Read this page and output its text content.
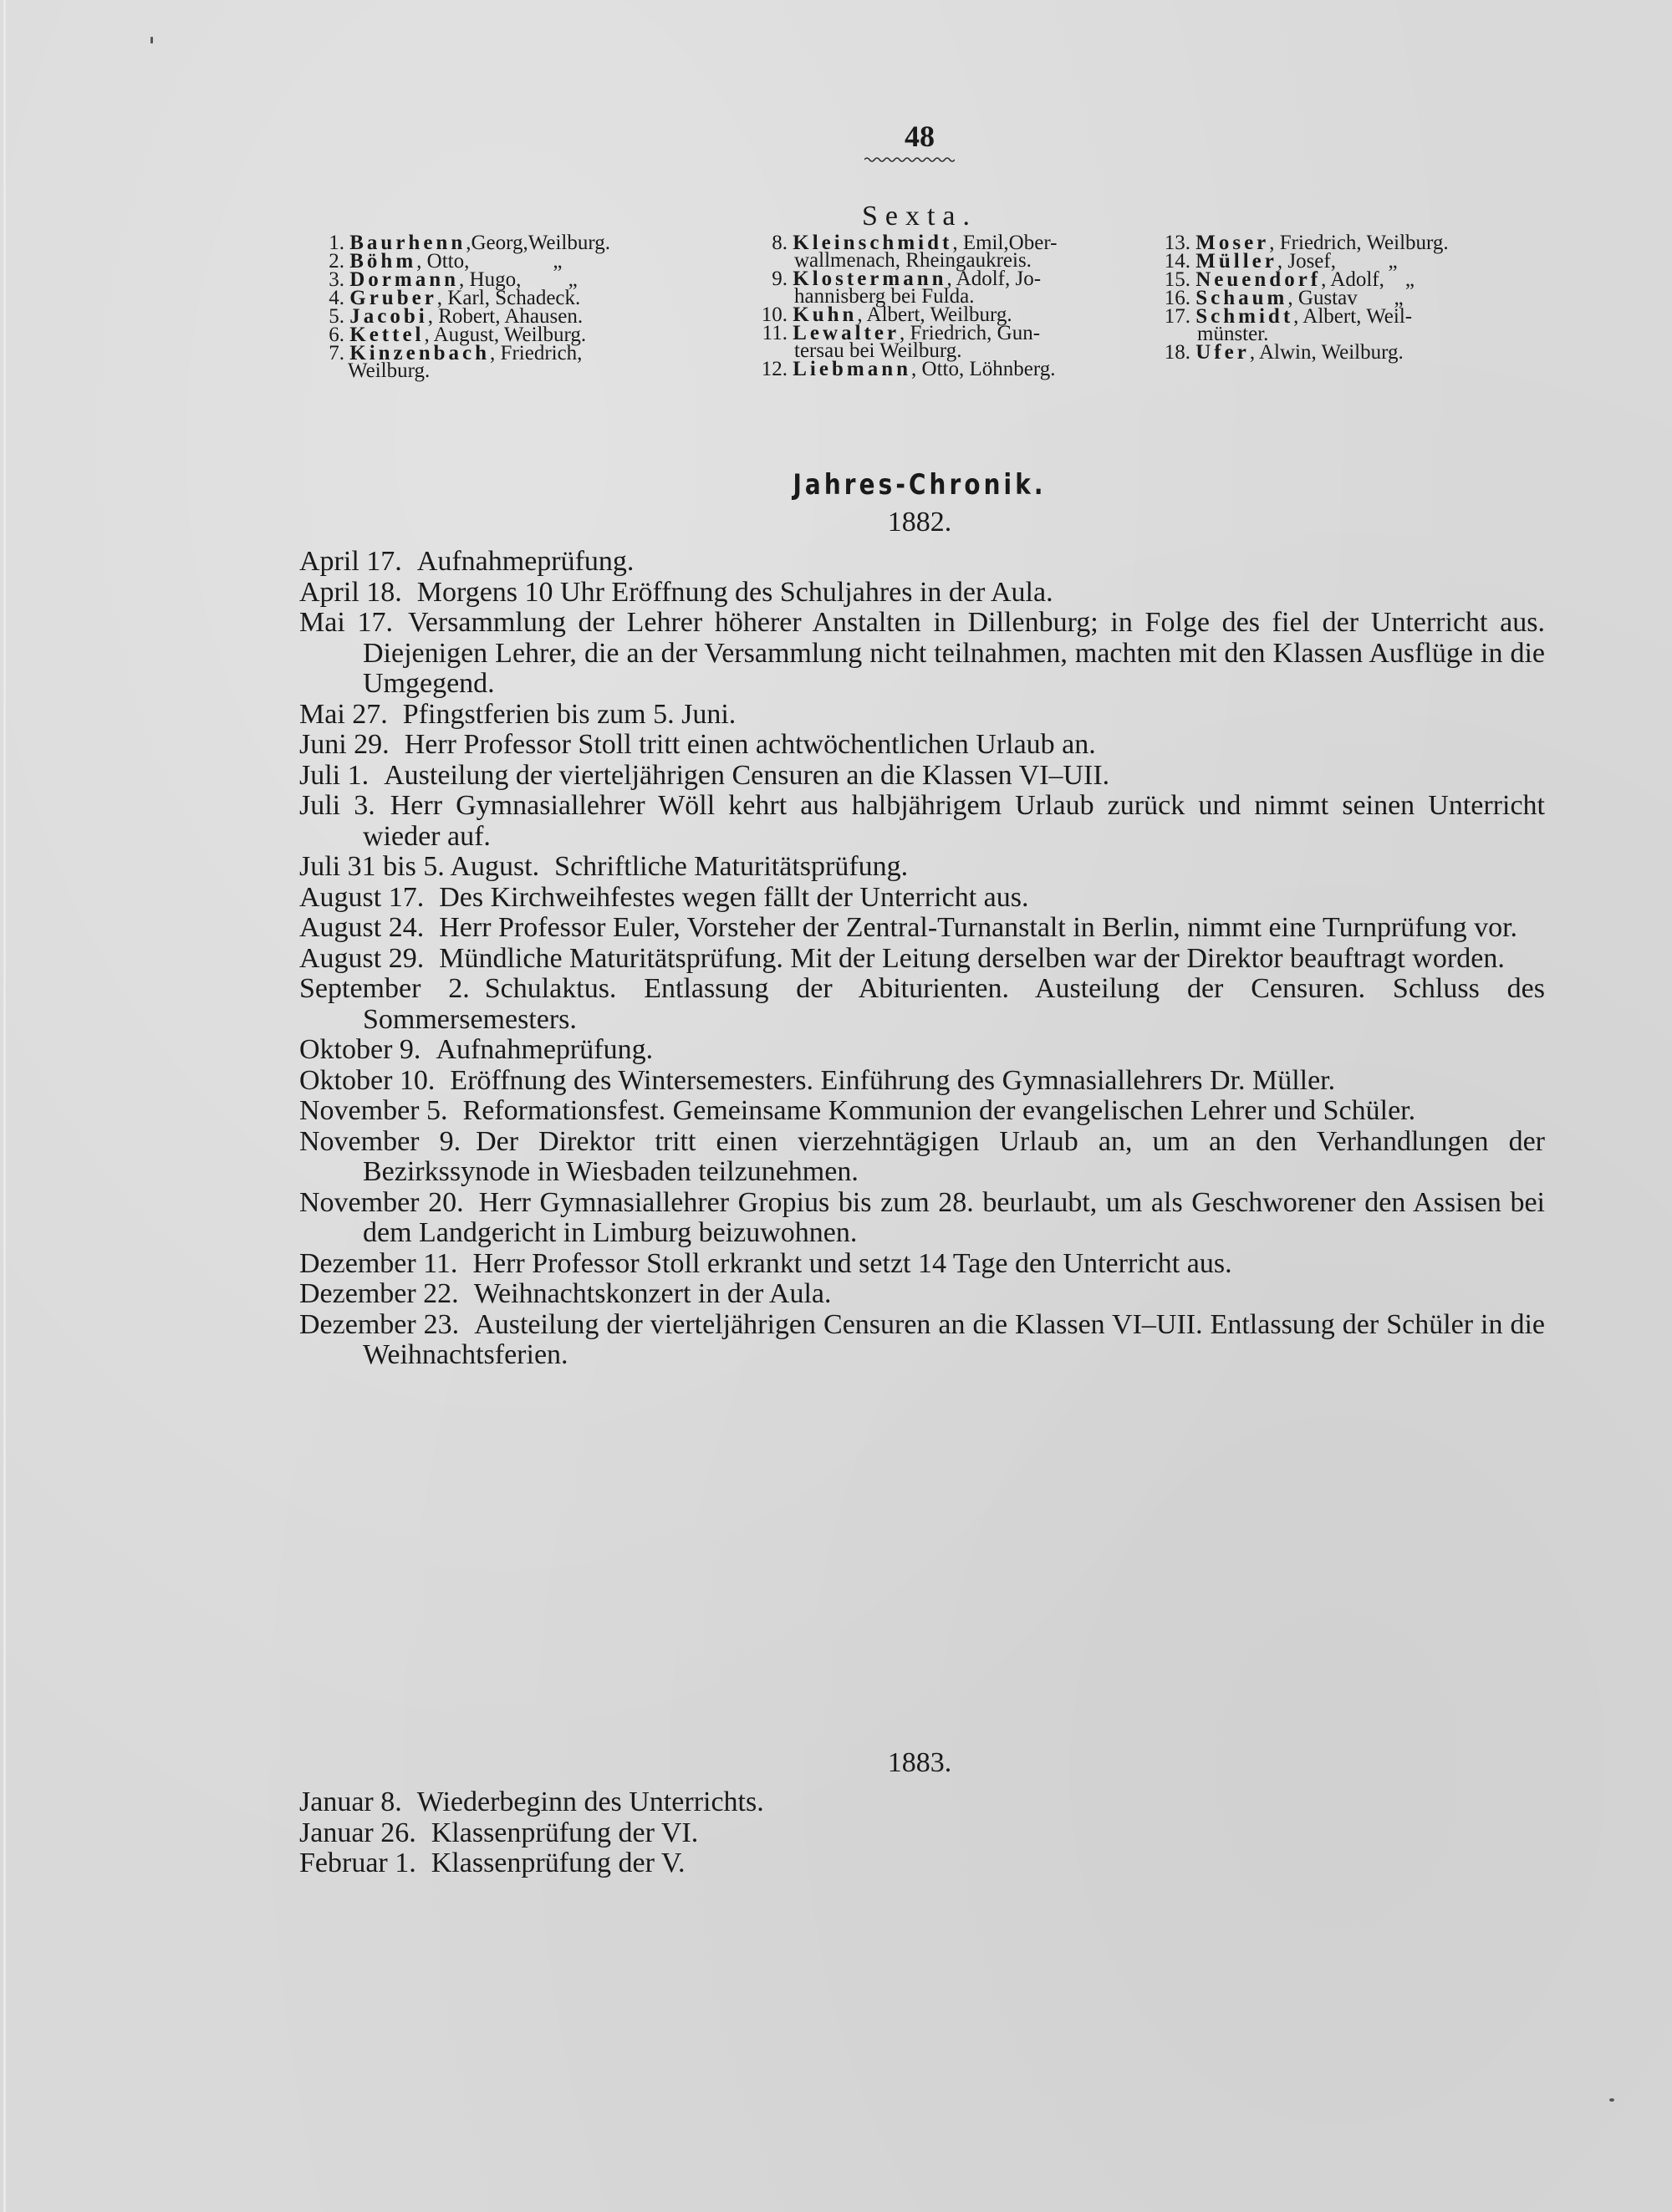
48
Sexta.
1. Baurhenn,Georg,Weilburg.
2. Böhm, Otto,                „
3. Dormann, Hugo,         „
4. Gruber, Karl, Schadeck.
5. Jacobi, Robert, Ahausen.
6. Kettel, August, Weilburg.
7. Kinzenbach, Friedrich,
Weilburg.
8. Kleinschmidt, Emil,Ober-
wallmenach, Rheingaukreis.
9. Klostermann, Adolf, Jo-
hannisberg bei Fulda.
10. Kuhn, Albert, Weilburg.
11. Lewalter, Friedrich, Gun-
tersau bei Weilburg.
12. Liebmann, Otto, Löhnberg.
13. Moser, Friedrich, Weilburg.
14. Müller, Josef,          „
15. Neuendorf, Adolf,    „
16. Schaum, Gustav       „
17. Schmidt, Albert, Weil-
münster.
18. Ufer, Alwin, Weilburg.
Jahres-Chronik.
1882.

April 17. Aufnahmeprüfung.

April 18. Morgens 10 Uhr Eröffnung des Schuljahres in der Aula.

Mai 17. Versammlung der Lehrer höherer Anstalten in Dillenburg; in Folge des fiel der Unterricht aus. Diejenigen Lehrer, die an der Versammlung nicht teilnahmen, machten mit den Klassen Ausflüge in die Umgegend.

Mai 27. Pfingstferien bis zum 5. Juni.

Juni 29. Herr Professor Stoll tritt einen achtwöchentlichen Urlaub an.

Juli 1. Austeilung der vierteljährigen Censuren an die Klassen VI–UII.

Juli 3. Herr Gymnasiallehrer Wöll kehrt aus halbjährigem Urlaub zurück und nimmt seinen Unterricht wieder auf.

Juli 31 bis 5. August. Schriftliche Maturitätsprüfung.

August 17. Des Kirchweihfestes wegen fällt der Unterricht aus.

August 24. Herr Professor Euler, Vorsteher der Zentral-Turnanstalt in Berlin, nimmt eine Turnprüfung vor.

August 29. Mündliche Maturitätsprüfung. Mit der Leitung derselben war der Direktor beauftragt worden.

September 2. Schulaktus. Entlassung der Abiturienten. Austeilung der Censuren. Schluss des Sommersemesters.

Oktober 9. Aufnahmeprüfung.

Oktober 10. Eröffnung des Wintersemesters. Einführung des Gymnasiallehrers Dr. Müller.

November 5. Reformationsfest. Gemeinsame Kommunion der evangelischen Lehrer und Schüler.

November 9. Der Direktor tritt einen vierzehntägigen Urlaub an, um an den Verhandlungen der Bezirkssynode in Wiesbaden teilzunehmen.

November 20. Herr Gymnasiallehrer Gropius bis zum 28. beurlaubt, um als Geschworener den Assisen bei dem Landgericht in Limburg beizuwohnen.

Dezember 11. Herr Professor Stoll erkrankt und setzt 14 Tage den Unterricht aus.

Dezember 22. Weihnachtskonzert in der Aula.

Dezember 23. Austeilung der vierteljährigen Censuren an die Klassen VI–UII. Entlassung der Schüler in die Weihnachtsferien.

1883.

Januar 8. Wiederbeginn des Unterrichts.

Januar 26. Klassenprüfung der VI.

Februar 1. Klassenprüfung der V.
